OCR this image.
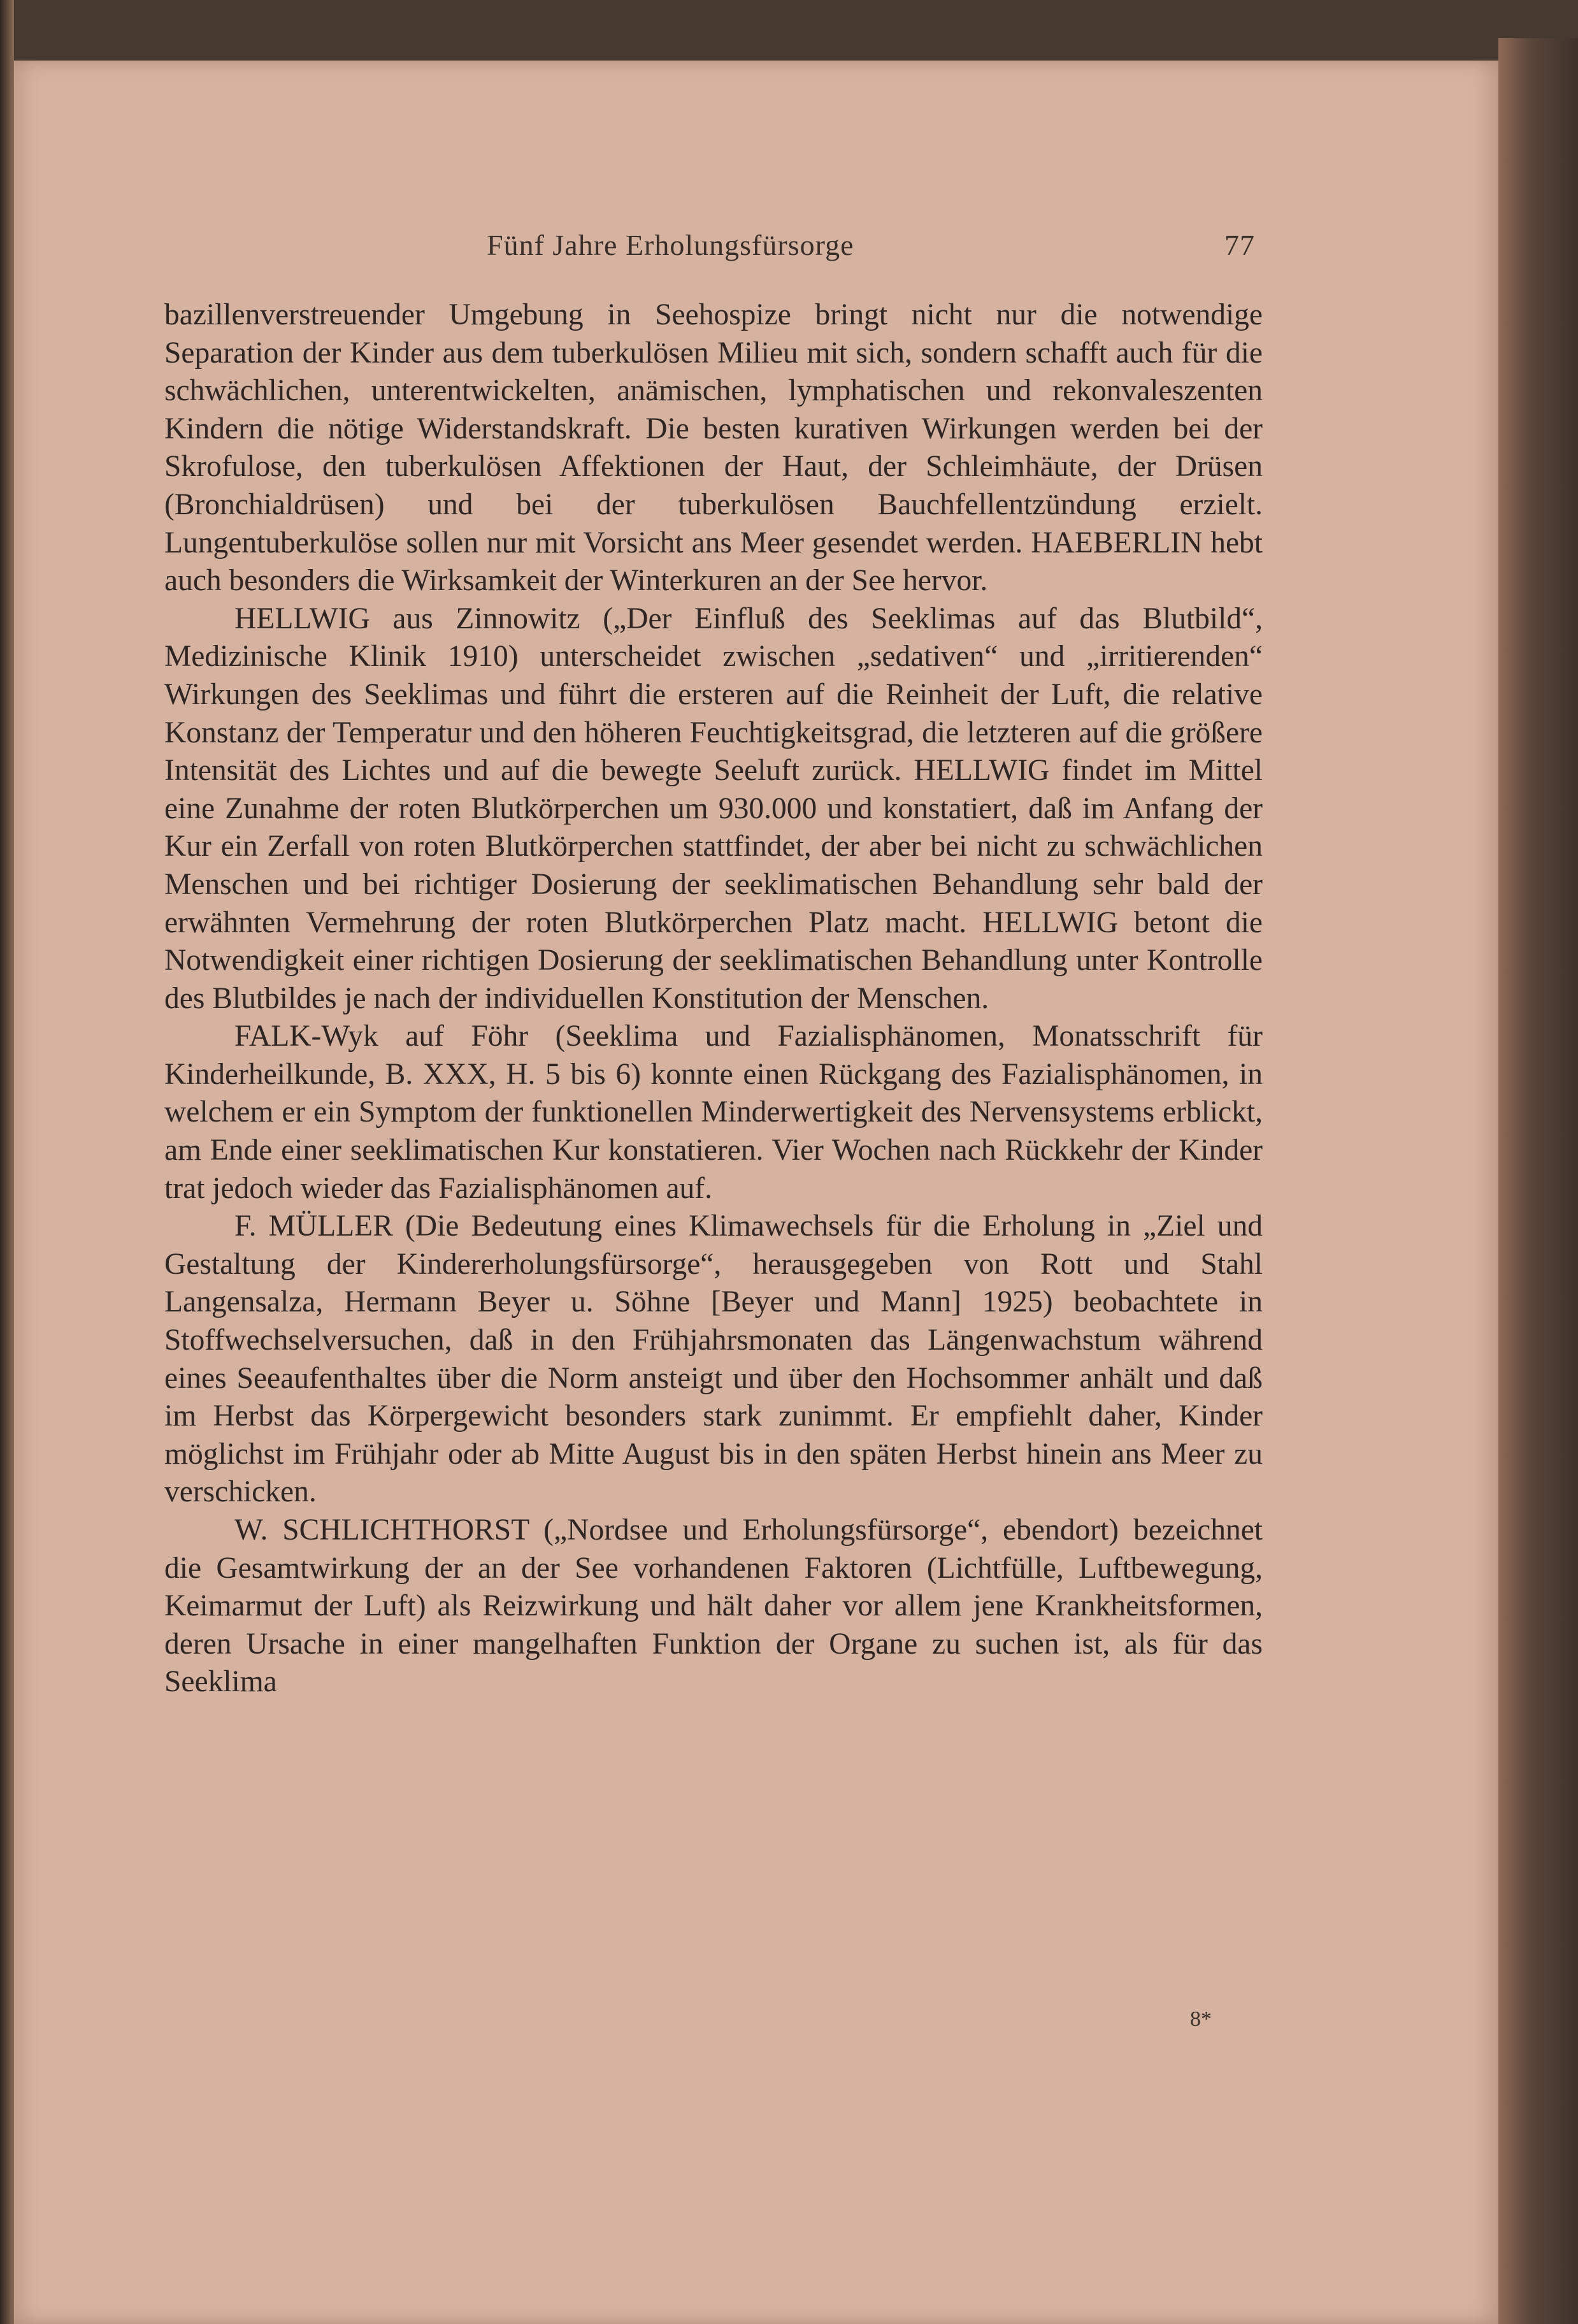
Fünf Jahre Erholungsfürsorge	77

bazillenverstreuender Umgebung in Seehospize bringt nicht nur die notwendige Separation der Kinder aus dem tuberkulösen Milieu mit sich, sondern schafft auch für die schwächlichen, unterentwickelten, anämischen, lymphatischen und rekonvaleszenten Kindern die nötige Widerstandskraft. Die besten kurativen Wirkungen werden bei der Skrofulose, den tuberkulösen Affektionen der Haut, der Schleimhäute, der Drüsen (Bronchialdrüsen) und bei der tuberkulösen Bauchfellentzündung erzielt. Lungentuberkulöse sollen nur mit Vorsicht ans Meer gesendet werden. HAEBERLIN hebt auch besonders die Wirksamkeit der Winterkuren an der See hervor.

HELLWIG aus Zinnowitz („Der Einfluß des Seeklimas auf das Blutbild“, Medizinische Klinik 1910) unterscheidet zwischen „sedativen“ und „irritierenden“ Wirkungen des Seeklimas und führt die ersteren auf die Reinheit der Luft, die relative Konstanz der Temperatur und den höheren Feuchtigkeitsgrad, die letzteren auf die größere Intensität des Lichtes und auf die bewegte Seeluft zurück. HELLWIG findet im Mittel eine Zunahme der roten Blutkörperchen um 930.000 und konstatiert, daß im Anfang der Kur ein Zerfall von roten Blutkörperchen stattfindet, der aber bei nicht zu schwächlichen Menschen und bei richtiger Dosierung der seeklimatischen Behandlung sehr bald der erwähnten Vermehrung der roten Blutkörperchen Platz macht. HELLWIG betont die Notwendigkeit einer richtigen Dosierung der seeklimatischen Behandlung unter Kontrolle des Blutbildes je nach der individuellen Konstitution der Menschen.

FALK-Wyk auf Föhr (Seeklima und Fazialisphänomen, Monatsschrift für Kinderheilkunde, B. XXX, H. 5 bis 6) konnte einen Rückgang des Fazialisphänomen, in welchem er ein Symptom der funktionellen Minderwertigkeit des Nervensystems erblickt, am Ende einer seeklimatischen Kur konstatieren. Vier Wochen nach Rückkehr der Kinder trat jedoch wieder das Fazialisphänomen auf.

F. MÜLLER (Die Bedeutung eines Klimawechsels für die Erholung in „Ziel und Gestaltung der Kindererholungsfürsorge“, herausgegeben von Rott und Stahl Langensalza, Hermann Beyer u. Söhne [Beyer und Mann] 1925) beobachtete in Stoffwechselversuchen, daß in den Frühjahrsmonaten das Längenwachstum während eines Seeaufenthaltes über die Norm ansteigt und über den Hochsommer anhält und daß im Herbst das Körpergewicht besonders stark zunimmt. Er empfiehlt daher, Kinder möglichst im Frühjahr oder ab Mitte August bis in den späten Herbst hinein ans Meer zu verschicken.

W. SCHLICHTHORST („Nordsee und Erholungsfürsorge“, ebendort) bezeichnet die Gesamtwirkung der an der See vorhandenen Faktoren (Lichtfülle, Luftbewegung, Keimarmut der Luft) als Reizwirkung und hält daher vor allem jene Krankheitsformen, deren Ursache in einer mangelhaften Funktion der Organe zu suchen ist, als für das Seeklima

8*
